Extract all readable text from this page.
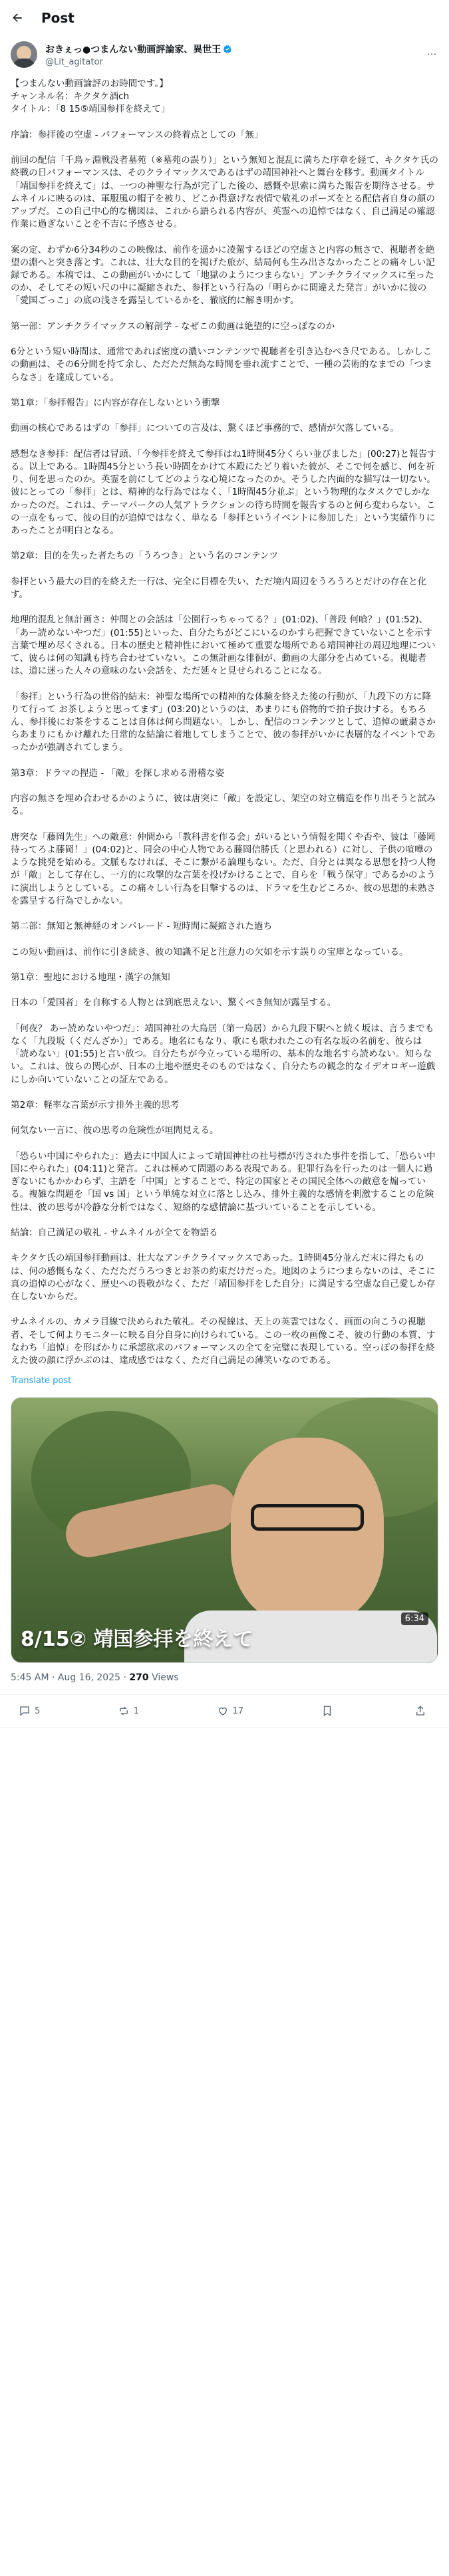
Post
おきぇっ●つまんない動画評論家、異世王
@Lit_agitator
···

【つまんない動画論評のお時間です。】
チャンネル名：キクタケ酒ch
タイトル：「8 15⑤靖国参拝を終えて」

序論：参拝後の空虚 - パフォーマンスの終着点としての「無」

前回の配信「千鳥ヶ淵戦没者墓苑（※墓苑の誤り）」という無知と混乱に満ちた序章を経て、キクタケ氏の終戦の日パフォーマンスは、そのクライマックスであるはずの靖国神社へと舞台を移す。動画タイトル「靖国参拝を終えて」は、一つの神聖な行為が完了した後の、感慨や思索に満ちた報告を期待させる。サムネイルに映るのは、軍服風の帽子を被り、どこか得意げな表情で敬礼のポーズをとる配信者自身の顔のアップだ。この自己中心的な構図は、これから語られる内容が、英霊への追悼ではなく、自己満足の確認作業に過ぎないことを不吉に予感させる。

案の定、わずか6分34秒のこの映像は、前作を遥かに凌駕するほどの空虚さと内容の無さで、視聴者を絶望の淵へと突き落とす。これは、壮大な目的を掲げた旅が、結局何も生み出さなかったことの痛々しい記録である。本稿では、この動画がいかにして「地獄のようにつまらない」アンチクライマックスに至ったのか、そしてその短い尺の中に凝縮された、参拝という行為の「明らかに間違えた発言」がいかに彼の「愛国ごっこ」の底の浅さを露呈しているかを、徹底的に解き明かす。

第一部：アンチクライマックスの解剖学 - なぜこの動画は絶望的に空っぽなのか

6分という短い時間は、通常であれば密度の濃いコンテンツで視聴者を引き込むべき尺である。しかしこの動画は、その6分間を持て余し、ただただ無為な時間を垂れ流すことで、一種の芸術的なまでの「つまらなさ」を達成している。

第1章：「参拝報告」に内容が存在しないという衝撃

動画の核心であるはずの「参拝」についての言及は、驚くほど事務的で、感情が欠落している。

感想なき参拝：配信者は冒頭、「今参拝を終えて参拝はね1時間45分くらい並びました」(00:27)と報告する。以上である。1時間45分という長い時間をかけて本殿にたどり着いた彼が、そこで何を感じ、何を祈り、何を思ったのか。英霊を前にしてどのような心境になったのか。そうした内面的な描写は一切ない。彼にとっての「参拝」とは、精神的な行為ではなく、「1時間45分並ぶ」という物理的なタスクでしかなかったのだ。これは、テーマパークの人気アトラクションの待ち時間を報告するのと何ら変わらない。この一点をもって、彼の目的が追悼ではなく、単なる「参拝というイベントに参加した」という実績作りにあったことが明白となる。

第2章：目的を失った者たちの「うろつき」という名のコンテンツ

参拝という最大の目的を終えた一行は、完全に目標を失い、ただ境内周辺をうろうろとだけの存在と化す。

地理的混乱と無計画さ：仲間との会話は「公園行っちゃってる？」(01:02)、「普段 何喰？」(01:52)、「あー読めないやつだ」(01:55)といった、自分たちがどこにいるのかすら把握できていないことを示す言葉で埋め尽くされる。日本の歴史と精神性において極めて重要な場所である靖国神社の周辺地理について、彼らは何の知識も持ち合わせていない。この無計画な徘徊が、動画の大部分を占めている。視聴者は、道に迷った人々の意味のない会話を、ただ延々と見せられることになる。

「参拝」という行為の世俗的結末：神聖な場所での精神的な体験を終えた後の行動が、「九段下の方に降りて行って お茶しようと思ってます」(03:20)というのは、あまりにも俗物的で拍子抜けする。もちろん、参拝後にお茶をすることは自体は何ら問題ない。しかし、配信のコンテンツとして、追悼の厳粛さからあまりにもかけ離れた日常的な結論に着地してしまうことで、彼の参拝がいかに表層的なイベントであったかが強調されてしまう。

第3章：ドラマの捏造 - 「敵」を探し求める滑稽な姿

内容の無さを埋め合わせるかのように、彼は唐突に「敵」を設定し、架空の対立構造を作り出そうと試みる。

唐突な「藤岡先生」への敵意：仲間から「教科書を作る会」がいるという情報を聞くや否や、彼は「藤岡待ってろよ藤岡！」(04:02)と、同会の中心人物である藤岡信勝氏（と思われる）に対し、子供の喧嘩のような挑発を始める。文脈もなければ、そこに繋がる論理もない。ただ、自分とは異なる思想を持つ人物が「敵」として存在し、一方的に攻撃的な言葉を投げかけることで、自らを「戦う保守」であるかのように演出しようとしている。この痛々しい行為を目撃するのは、ドラマを生むどころか、彼の思想的未熟さを露呈する行為でしかない。

第二部：無知と無神経のオンパレード - 短時間に凝縮された過ち

この短い動画は、前作に引き続き、彼の知識不足と注意力の欠如を示す誤りの宝庫となっている。

第1章：聖地における地理・漢字の無知

日本の「愛国者」を自称する人物とは到底思えない、驚くべき無知が露呈する。

「何夜？ あー読めないやつだ」：靖国神社の大鳥居（第一鳥居）から九段下駅へと続く坂は、言うまでもなく「九段坂（くだんざか）」である。地名にもなり、歌にも歌われたこの有名な坂の名前を、彼らは「読めない」(01:55)と言い放つ。自分たちが今立っている場所の、基本的な地名すら読めない。知らない。これは、彼らの関心が、日本の土地や歴史そのものではなく、自分たちの観念的なイデオロギー遊戯にしか向いていないことの証左である。

第2章：軽率な言葉が示す排外主義的思考

何気ない一言に、彼の思考の危険性が垣間見える。

「恐らい中国にやられた」：過去に中国人によって靖国神社の社号標が汚された事件を指して、「恐らい中国にやられた」(04:11)と発言。これは極めて問題のある表現である。犯罪行為を行ったのは一個人に過ぎないにもかかわらず、主語を「中国」とすることで、特定の国家とその国民全体への敵意を煽っている。複雑な問題を「国 vs 国」という単純な対立に落とし込み、排外主義的な感情を刺激することの危険性は、彼の思考が冷静な分析ではなく、短絡的な感情論に基づいていることを示している。

結論：自己満足の敬礼 - サムネイルが全てを物語る

キクタケ氏の靖国参拝動画は、壮大なアンチクライマックスであった。1時間45分並んだ末に得たものは、何の感慨もなく、ただただうろつきとお茶の約束だけだった。地図のようにつまらないのは、そこに真の追悼の心がなく、歴史への畏敬がなく、ただ「靖国参拝をした自分」に満足する空虚な自己愛しか存在しないからだ。

サムネイルの、カメラ目線で決められた敬礼。その視線は、天上の英霊ではなく、画面の向こうの視聴者、そして何よりモニターに映る自分自身に向けられている。この一枚の画像こそ、彼の行動の本質、すなわち「追悼」を形ばかりに承認欲求のパフォーマンスの全てを完璧に表現している。空っぽの参拝を終えた彼の顔に浮かぶのは、達成感ではなく、ただ自己満足の薄笑いなのである。

Translate post
6:34
8/15② 靖国参拝を終えて
5:45 AM · Aug 16, 2025 · 270 Views
5	1	17
